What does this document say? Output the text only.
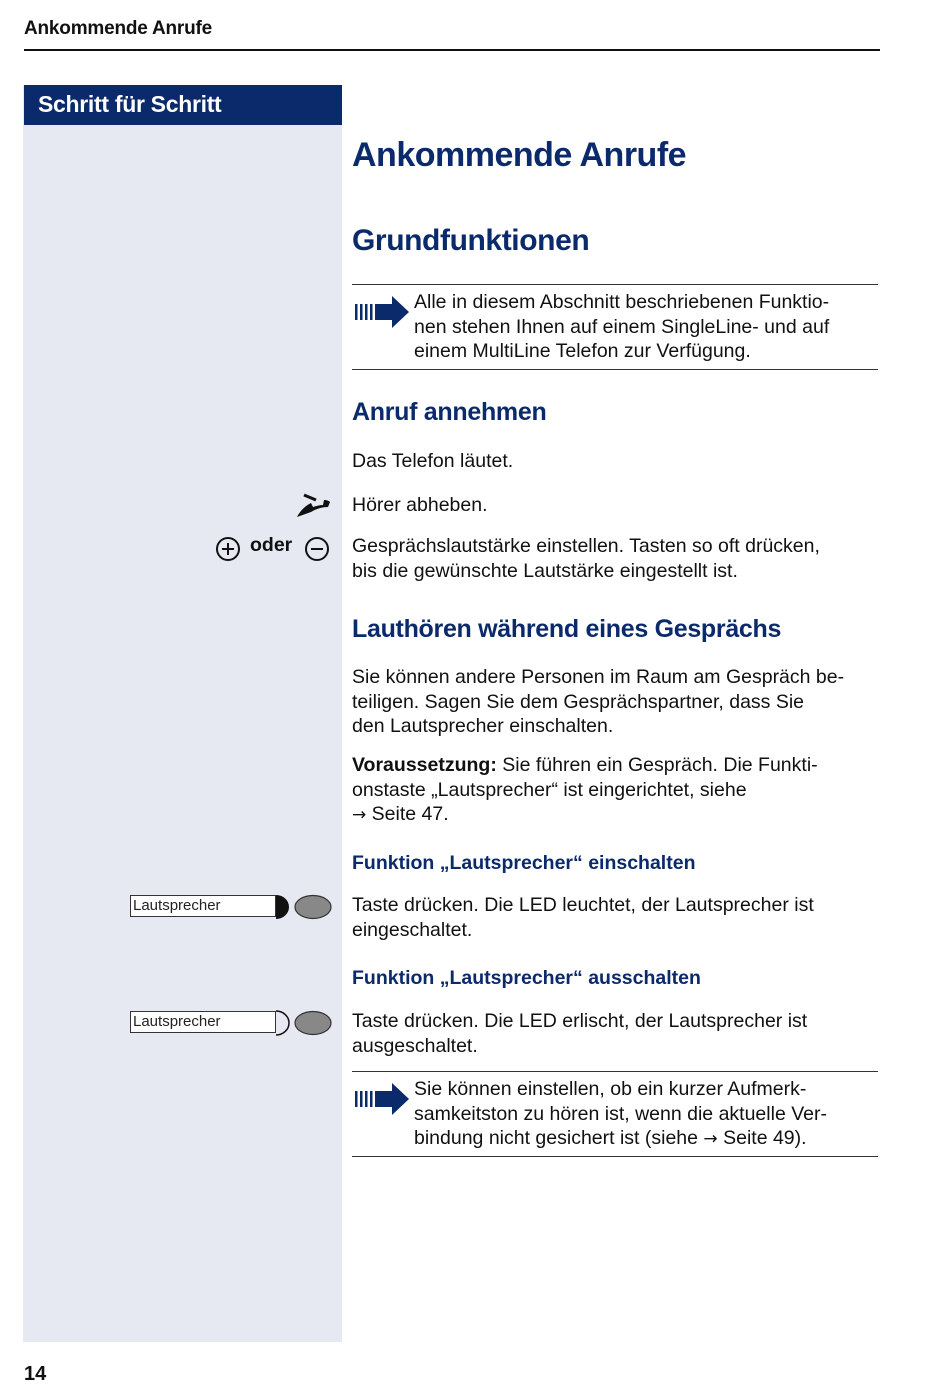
Ankommende Anrufe
Schritt für Schritt
Ankommende Anrufe
Grundfunktionen
Alle in diesem Abschnitt beschriebenen Funktio-
nen stehen Ihnen auf einem SingleLine- und auf
einem MultiLine Telefon zur Verfügung.
Anruf annehmen
Das Telefon läutet.
Hörer abheben.
oder	Gesprächslautstärke einstellen. Tasten so oft drücken,
bis die gewünschte Lautstärke eingestellt ist.
Lauthören während eines Gesprächs
Sie können andere Personen im Raum am Gespräch be-
teiligen. Sagen Sie dem Gesprächspartner, dass Sie
den Lautsprecher einschalten.
Voraussetzung: Sie führen ein Gespräch. Die Funkti-
onstaste „Lautsprecher“ ist eingerichtet, siehe
→ Seite 47.
Funktion „Lautsprecher“ einschalten
Lautsprecher	Taste drücken. Die LED leuchtet, der Lautsprecher ist
eingeschaltet.
Funktion „Lautsprecher“ ausschalten
Lautsprecher	Taste drücken. Die LED erlischt, der Lautsprecher ist
ausgeschaltet.
Sie können einstellen, ob ein kurzer Aufmerk-
samkeitston zu hören ist, wenn die aktuelle Ver-
bindung nicht gesichert ist (siehe → Seite 49).
14
